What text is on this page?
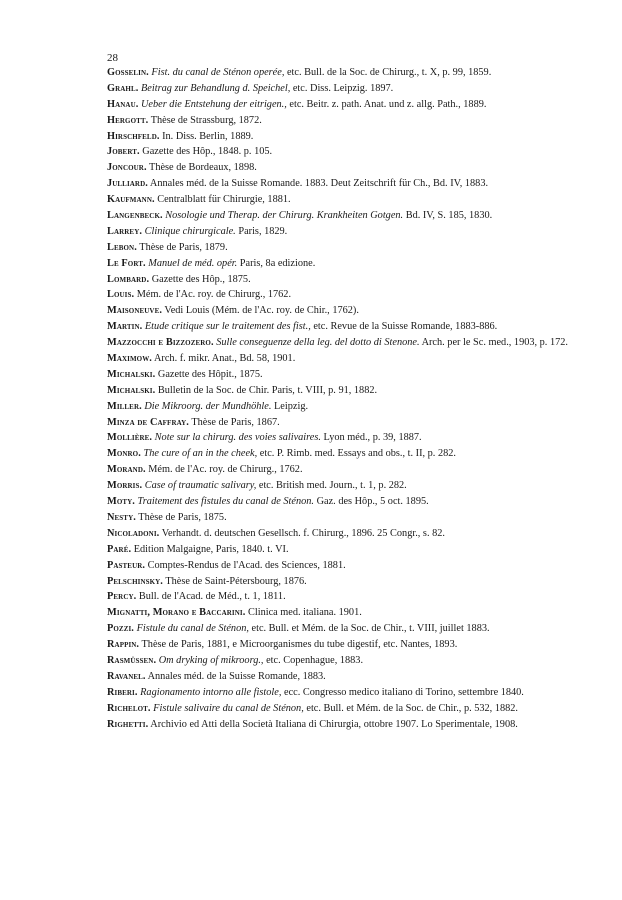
28

Gosselin. Fist. du canal de Sténon operée, etc. Bull. de la Soc. de Chirurg., t. X, p. 99, 1859.

Grahl. Beitrag zur Behandlung d. Speichel, etc. Diss. Leipzig. 1897.

Hanau. Ueber die Entstehung der eitrigen., etc. Beitr. z. path. Anat. und z. allg. Path., 1889.

Hergott. Thèse de Strassburg, 1872.

Hirschfeld. In. Diss. Berlin, 1889.

Jobert. Gazette des Hôp., 1848. p. 105.

Joncour. Thèse de Bordeaux, 1898.

Julliard. Annales méd. de la Suisse Romande. 1883. Deut Zeitschrift für Ch., Bd. IV, 1883.

Kaufmann. Centralblatt für Chirurgie, 1881.

Langenbeck. Nosologie und Therap. der Chirurg. Krankheiten Gotgen. Bd. IV, S. 185, 1830.

Larrey. Clinique chirurgicale. Paris, 1829.

Lebon. Thèse de Paris, 1879.

Le Fort. Manuel de méd. opér. Paris, 8a edizione.

Lombard. Gazette des Hôp., 1875.

Louis. Mém. de l'Ac. roy. de Chirurg., 1762.

Maisoneuve. Vedi Louis (Mém. de l'Ac. roy. de Chir., 1762).

Martin. Etude critique sur le traitement des fist., etc. Revue de la Suisse Romande, 1883-886.

Mazzocchi e Bizzozero. Sulle conseguenze della leg. del dotto di Stenone. Arch. per le Sc. med., 1903, p. 172.

Maximow. Arch. f. mikr. Anat., Bd. 58, 1901.

Michalski. Gazette des Hôpit., 1875.

Michalski. Bulletin de la Soc. de Chir. Paris, t. VIII, p. 91, 1882.

Miller. Die Mikroorg. der Mundhöhle. Leipzig.

Minza de Caffray. Thèse de Paris, 1867.

Mollière. Note sur la chirurg. des voies salivaires. Lyon méd., p. 39, 1887.

Monro. The cure of an in the cheek, etc. P. Rimb. med. Essays and obs., t. II, p. 282.

Morand. Mém. de l'Ac. roy. de Chirurg., 1762.

Morris. Case of traumatic salivary, etc. British med. Journ., t. 1, p. 282.

Moty. Traitement des fistules du canal de Sténon. Gaz. des Hôp., 5 oct. 1895.

Nesty. Thèse de Paris, 1875.

Nicoladoni. Verhandt. d. deutschen Gesellsch. f. Chirurg., 1896. 25 Congr., s. 82.

Paré. Edition Malgaigne, Paris, 1840. t. VI.

Pasteur. Comptes-Rendus de l'Acad. des Sciences, 1881.

Pelschinsky. Thèse de Saint-Pétersbourg, 1876.

Percy. Bull. de l'Acad. de Méd., t. 1, 1811.

Mignatti, Morano e Baccarini. Clinica med. italiana. 1901.

Pozzi. Fistule du canal de Sténon, etc. Bull. et Mém. de la Soc. de Chir., t. VIII, juillet 1883.

Rappin. Thèse de Paris, 1881, e Microorganismes du tube digestif, etc. Nantes, 1893.

Rasmüssen. Om dryking of mikroorg., etc. Copenhague, 1883.

Ravanel. Annales méd. de la Suisse Romande, 1883.

Riberi. Ragionamento intorno alle fistole, ecc. Congresso medico italiano di Torino, settembre 1840.

Richelot. Fistule salivaire du canal de Sténon, etc. Bull. et Mém. de la Soc. de Chir., p. 532, 1882.

Righetti. Archivio ed Atti della Società Italiana di Chirurgia, ottobre 1907. Lo Sperimentale, 1908.
